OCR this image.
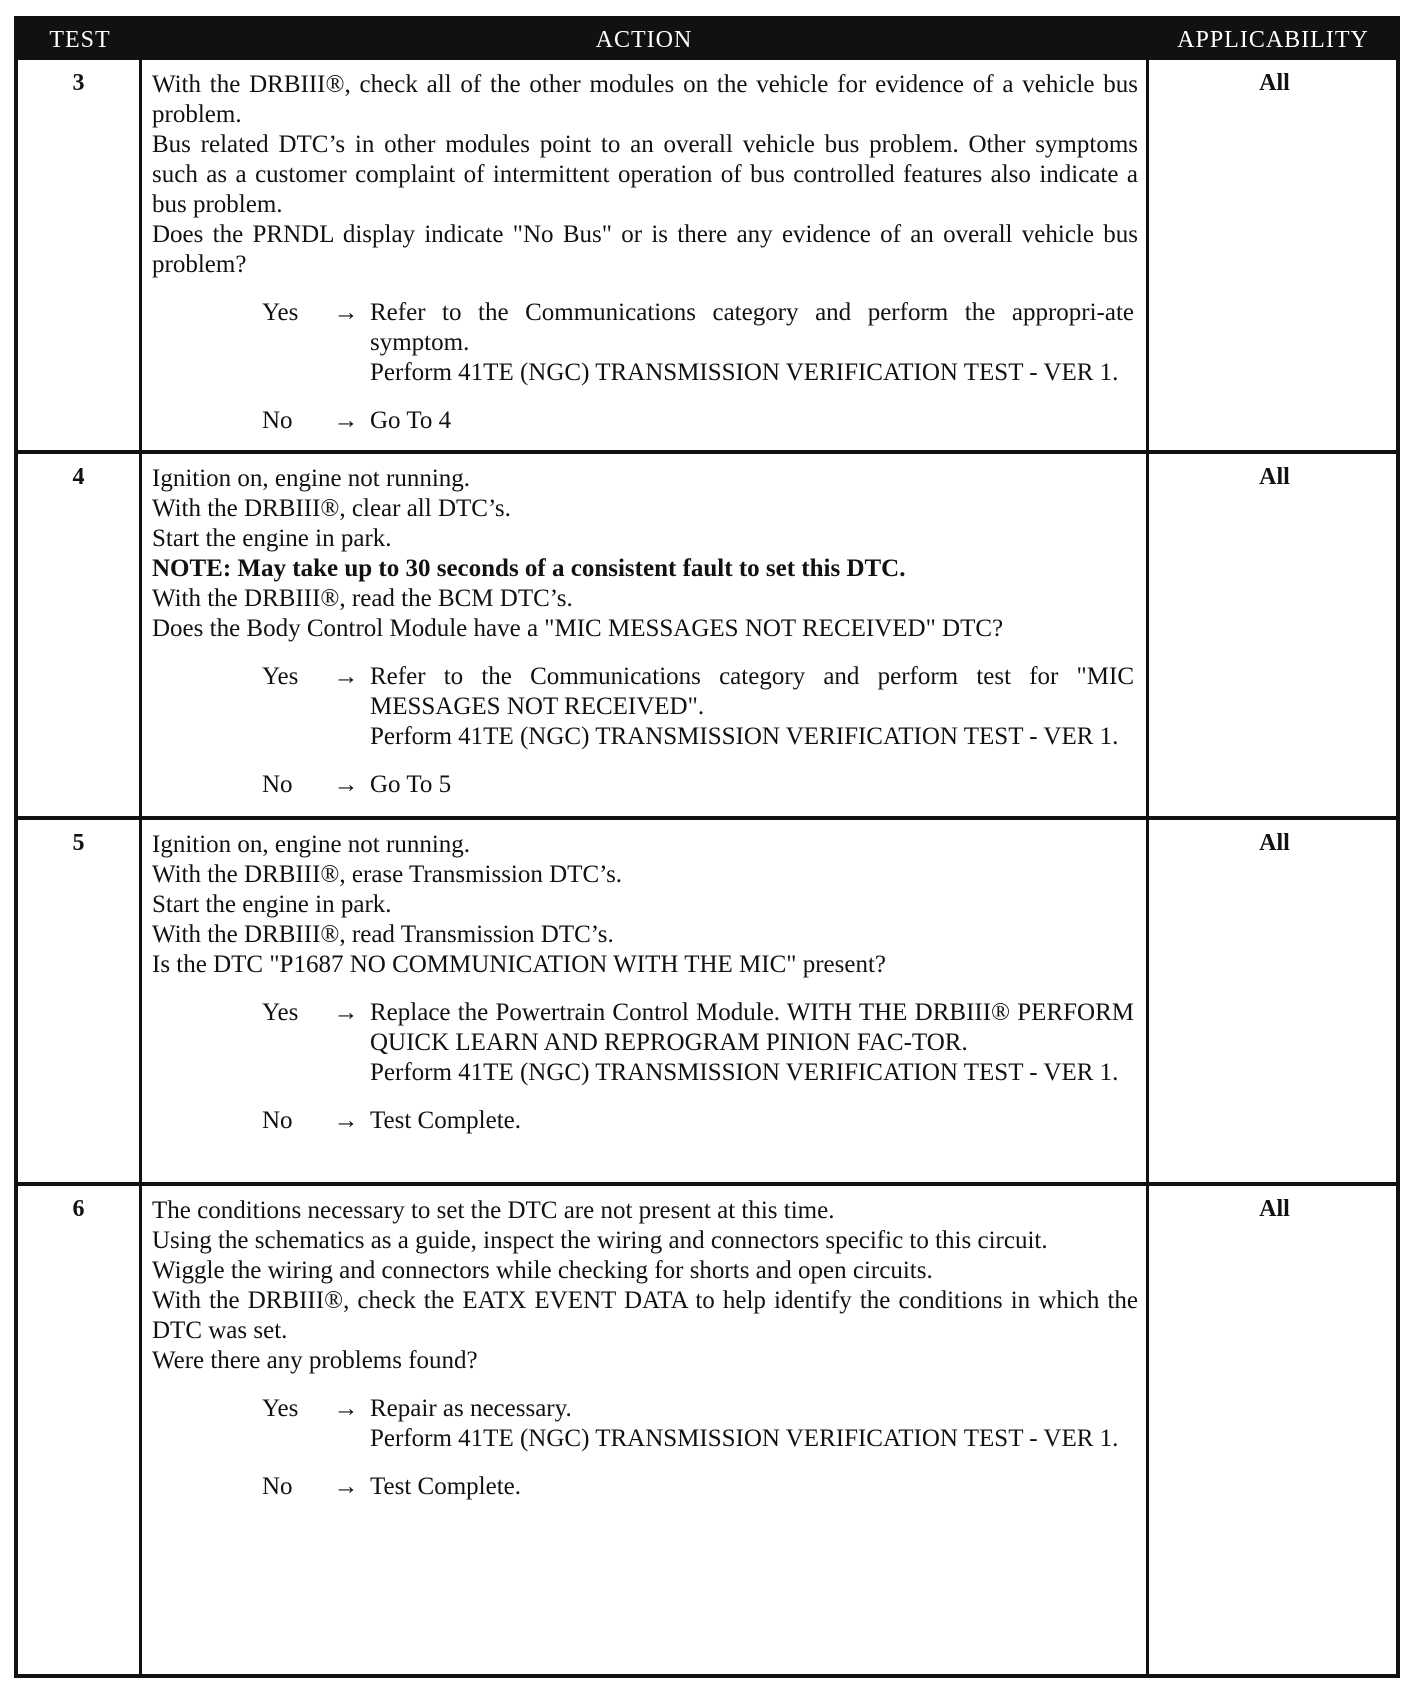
TEST	ACTION	APPLICABILITY
3	With the DRBIII®, check all of the other modules on the vehicle for evidence of a vehicle bus problem.
Bus related DTC’s in other modules point to an overall vehicle bus problem. Other symptoms such as a customer complaint of intermittent operation of bus controlled features also indicate a bus problem.
Does the PRNDL display indicate "No Bus" or is there any evidence of an overall vehicle bus problem?
Yes	→ Refer to the Communications category and perform the appropri-ate symptom.
Perform 41TE (NGC) TRANSMISSION VERIFICATION TEST - VER 1.
No	→ Go To 4
All
4	Ignition on, engine not running.
With the DRBIII®, clear all DTC’s.
Start the engine in park.
NOTE: May take up to 30 seconds of a consistent fault to set this DTC.
With the DRBIII®, read the BCM DTC’s.
Does the Body Control Module have a "MIC MESSAGES NOT RECEIVED" DTC?
Yes	→ Refer to the Communications category and perform test for "MIC MESSAGES NOT RECEIVED".
Perform 41TE (NGC) TRANSMISSION VERIFICATION TEST - VER 1.
No	→ Go To 5
All
5	Ignition on, engine not running.
With the DRBIII®, erase Transmission DTC’s.
Start the engine in park.
With the DRBIII®, read Transmission DTC’s.
Is the DTC "P1687 NO COMMUNICATION WITH THE MIC" present?
Yes	→ Replace the Powertrain Control Module. WITH THE DRBIII® PERFORM QUICK LEARN AND REPROGRAM PINION FAC-TOR.
Perform 41TE (NGC) TRANSMISSION VERIFICATION TEST - VER 1.
No	→ Test Complete.
All
6	The conditions necessary to set the DTC are not present at this time.
Using the schematics as a guide, inspect the wiring and connectors specific to this circuit.
Wiggle the wiring and connectors while checking for shorts and open circuits.
With the DRBIII®, check the EATX EVENT DATA to help identify the conditions in which the DTC was set.
Were there any problems found?
Yes	→ Repair as necessary.
Perform 41TE (NGC) TRANSMISSION VERIFICATION TEST - VER 1.
No	→ Test Complete.
All
